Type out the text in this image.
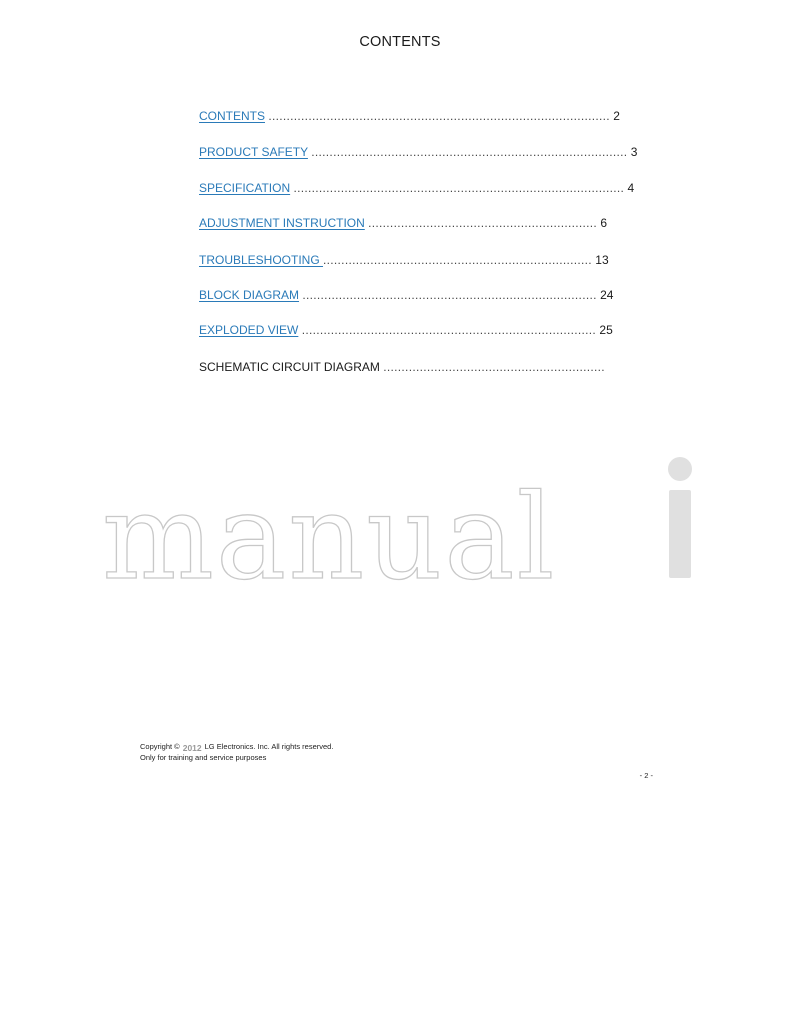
CONTENTS
CONTENTS .............................................................................................. 2
PRODUCT SAFETY ....................................................................................... 3
SPECIFICATION ........................................................................................... 4
ADJUSTMENT INSTRUCTION ............................................................... 6
TROUBLESHOOTING .......................................................................... 13
BLOCK DIAGRAM ................................................................................. 24
EXPLODED VIEW ................................................................................. 25
SCHEMATIC CIRCUIT DIAGRAM .............................................................
manual
Copyright © 2012 LG Electronics. Inc. All rights reserved.
Only for training and service purposes
- 2 -
